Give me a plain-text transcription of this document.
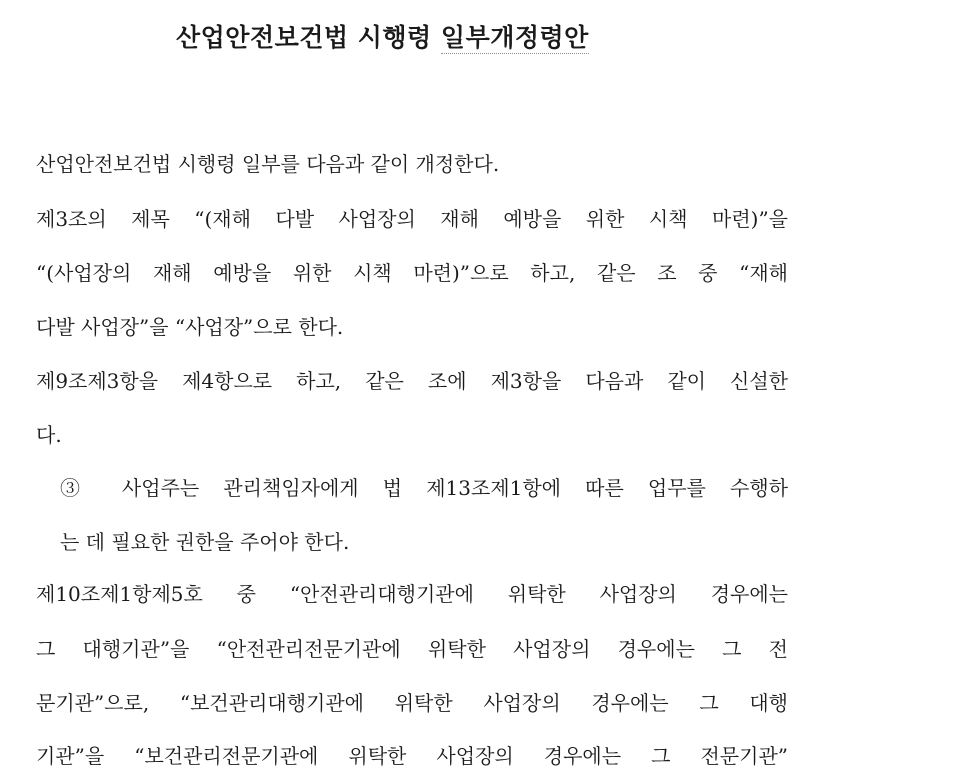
산업안전보건법 시행령 일부개정령안
산업안전보건법 시행령 일부를 다음과 같이 개정한다.
제3조의 제목 “(재해 다발 사업장의 재해 예방을 위한 시책 마련)”을
“(사업장의 재해 예방을 위한 시책 마련)”으로 하고, 같은 조 중 “재해
다발 사업장”을 “사업장”으로 한다.
제9조제3항을 제4항으로 하고, 같은 조에 제3항을 다음과 같이 신설한
다.
③ 사업주는 관리책임자에게 법 제13조제1항에 따른 업무를 수행하
는 데 필요한 권한을 주어야 한다.
제10조제1항제5호 중 “안전관리대행기관에 위탁한 사업장의 경우에는
그 대행기관”을 “안전관리전문기관에 위탁한 사업장의 경우에는 그 전
문기관”으로, “보건관리대행기관에 위탁한 사업장의 경우에는 그 대행
기관”을 “보건관리전문기관에 위탁한 사업장의 경우에는 그 전문기관”
